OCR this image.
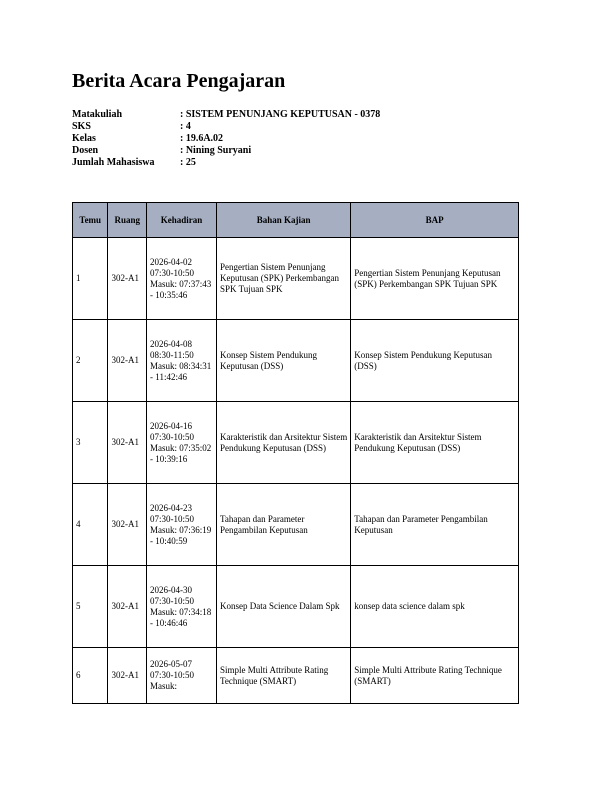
Berita Acara Pengajaran
Matakuliah	: SISTEM PENUNJANG KEPUTUSAN - 0378
SKS	: 4
Kelas	: 19.6A.02
Dosen	: Nining Suryani
Jumlah Mahasiswa	: 25
Temu	Ruang	Kehadiran	Bahan Kajian	BAP
1	302-A1	2026-04-02 07:30-10:50 Masuk: 07:37:43 - 10:35:46	Pengertian Sistem Penunjang Keputusan (SPK) Perkembangan SPK Tujuan SPK	Pengertian Sistem Penunjang Keputusan (SPK) Perkembangan SPK Tujuan SPK
2	302-A1	2026-04-08 08:30-11:50 Masuk: 08:34:31 - 11:42:46	Konsep Sistem Pendukung Keputusan (DSS)	Konsep Sistem Pendukung Keputusan (DSS)
3	302-A1	2026-04-16 07:30-10:50 Masuk: 07:35:02 - 10:39:16	Karakteristik dan Arsitektur Sistem Pendukung Keputusan (DSS)	Karakteristik dan Arsitektur Sistem Pendukung Keputusan (DSS)
4	302-A1	2026-04-23 07:30-10:50 Masuk: 07:36:19 - 10:40:59	Tahapan dan Parameter Pengambilan Keputusan	Tahapan dan Parameter Pengambilan Keputusan
5	302-A1	2026-04-30 07:30-10:50 Masuk: 07:34:18 - 10:46:46	Konsep Data Science Dalam Spk	konsep data science dalam spk
6	302-A1	2026-05-07 07:30-10:50 Masuk:	Simple Multi Attribute Rating Technique (SMART)	Simple Multi Attribute Rating Technique (SMART)
